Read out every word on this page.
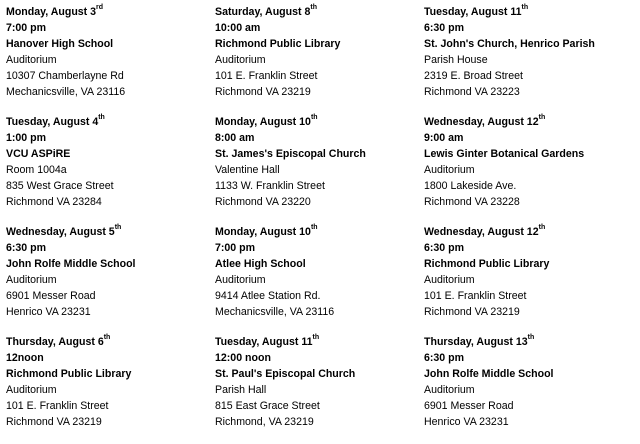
Monday, August 3rd
7:00 pm
Hanover High School
Auditorium
10307 Chamberlayne Rd
Mechanicsville, VA 23116
Tuesday, August 4th
1:00 pm
VCU ASPiRE
Room 1004a
835 West Grace Street
Richmond VA 23284
Wednesday, August 5th
6:30 pm
John Rolfe Middle School
Auditorium
6901 Messer Road
Henrico VA 23231
Thursday, August 6th
12noon
Richmond Public Library
Auditorium
101 E. Franklin Street
Richmond VA 23219
Saturday, August 8th
10:00 am
Richmond Public Library
Auditorium
101 E. Franklin Street
Richmond VA 23219
Monday, August 10th
8:00 am
St. James's Episcopal Church
Valentine Hall
1133 W. Franklin Street
Richmond VA 23220
Monday, August 10th
7:00 pm
Atlee High School
Auditorium
9414 Atlee Station Rd.
Mechanicsville, VA 23116
Tuesday, August 11th
12:00 noon
St. Paul's Episcopal Church
Parish Hall
815 East Grace Street
Richmond, VA 23219
Tuesday, August 11th
6:30 pm
St. John's Church, Henrico Parish
Parish House
2319 E. Broad Street
Richmond VA 23223
Wednesday, August 12th
9:00 am
Lewis Ginter Botanical Gardens
Auditorium
1800 Lakeside Ave.
Richmond VA 23228
Wednesday, August 12th
6:30 pm
Richmond Public Library
Auditorium
101 E. Franklin Street
Richmond VA 23219
Thursday, August 13th
6:30 pm
John Rolfe Middle School
Auditorium
6901 Messer Road
Henrico VA 23231
